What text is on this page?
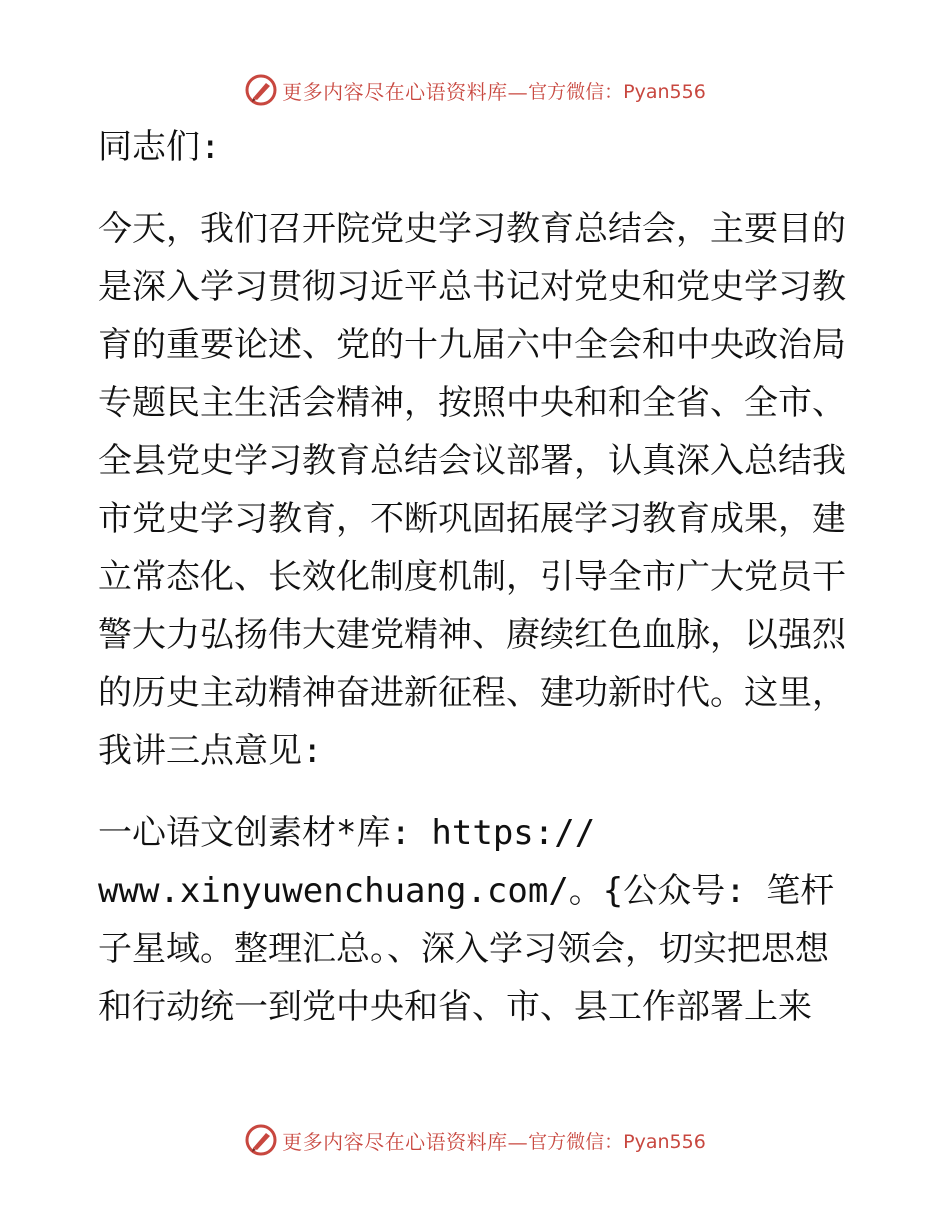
更多内容尽在心语资料库— 官方微信：Pyan556

同志们:

今天，我们召开院党史学习教育总结会，主要目的是深入学习贯彻习近平总书记对党史和党史学习教育的重要论述、党的十九届六中全会和中央政治局专题民主生活会精神，按照中央和和全省、全市、全县党史学习教育总结会议部署，认真深入总结我市党史学习教育，不断巩固拓展学习教育成果，建立常态化、长效化制度机制，引导全市广大党员干警大力弘扬伟大建党精神、赓续红色血脉，以强烈的历史主动精神奋进新征程、建功新时代。这里，我讲三点意见:

一心语文创素材*库: https://

www.xinyuwenchuang.com/。{公众号: 笔杆子星域。整理汇总。、深入学习领会，切实把思想和行动统一到党中央和省、市、县工作部署上来

更多内容尽在心语资料库— 官方微信：Pyan556
